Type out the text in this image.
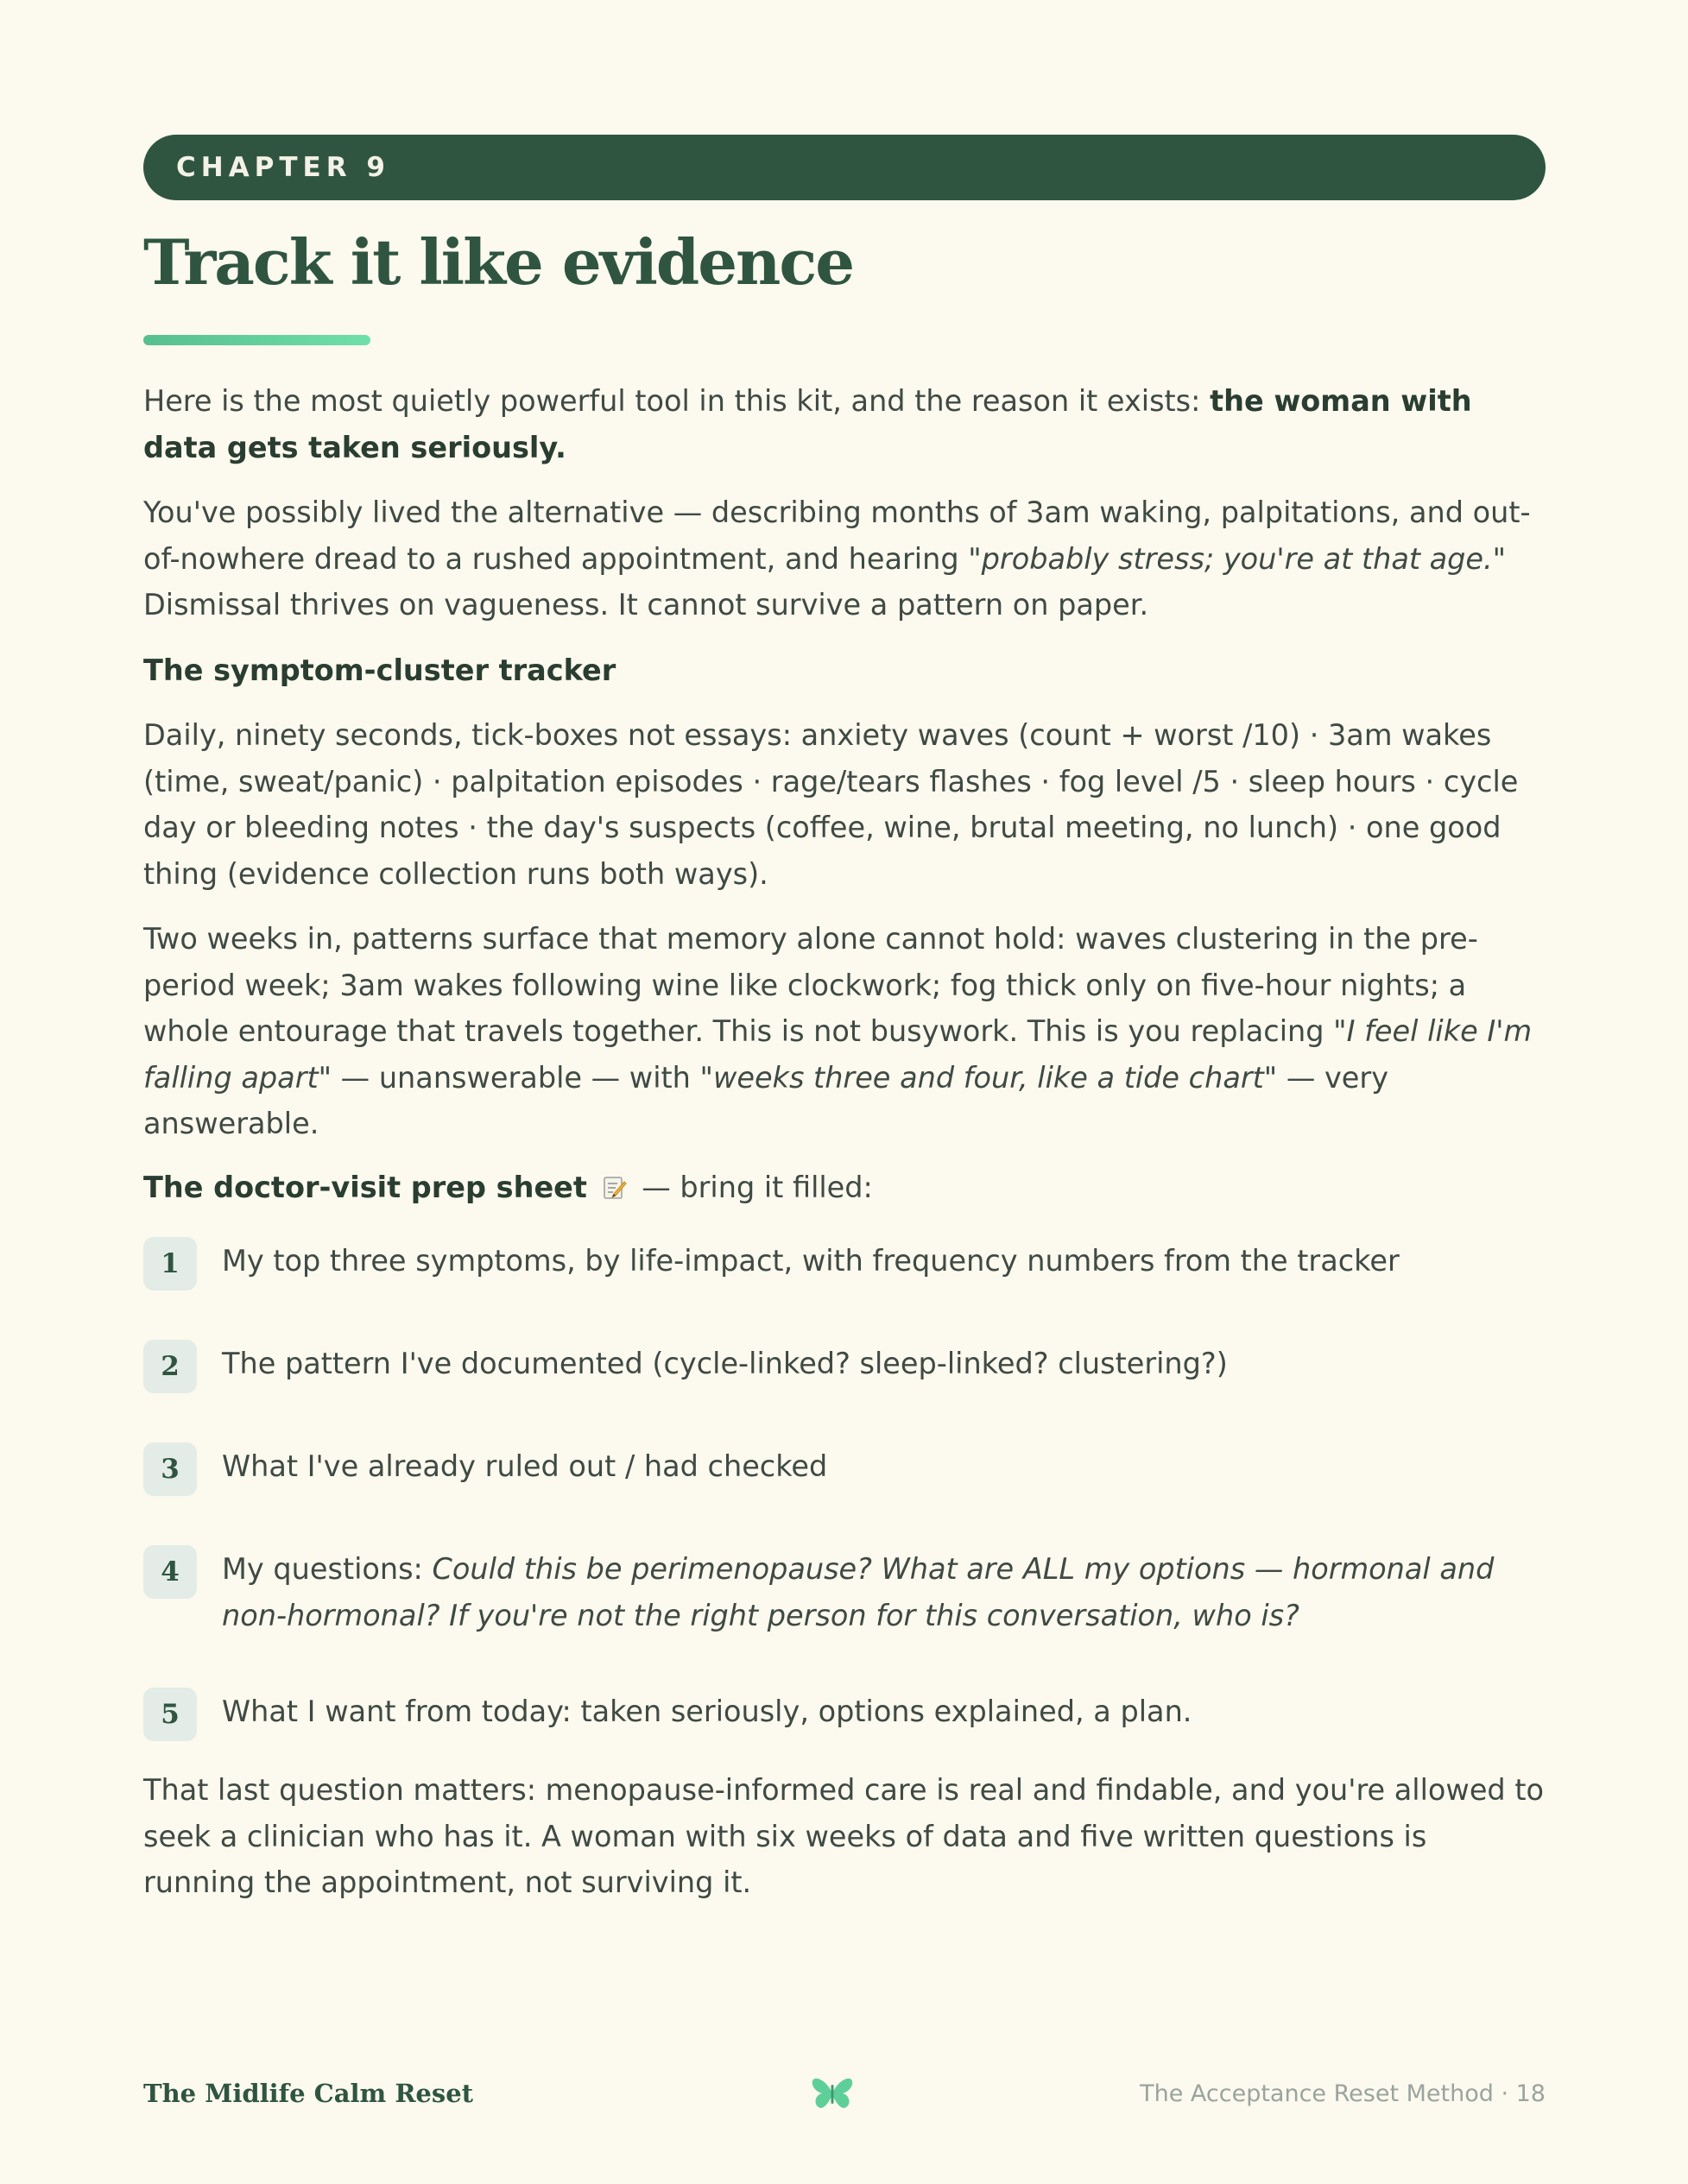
CHAPTER 9
Track it like evidence

Here is the most quietly powerful tool in this kit, and the reason it exists: the woman with data gets taken seriously.

You've possibly lived the alternative — describing months of 3am waking, palpitations, and out-of-nowhere dread to a rushed appointment, and hearing "probably stress; you're at that age." Dismissal thrives on vagueness. It cannot survive a pattern on paper.

The symptom-cluster tracker

Daily, ninety seconds, tick-boxes not essays: anxiety waves (count + worst /10) · 3am wakes (time, sweat/panic) · palpitation episodes · rage/tears flashes · fog level /5 · sleep hours · cycle day or bleeding notes · the day's suspects (coffee, wine, brutal meeting, no lunch) · one good thing (evidence collection runs both ways).

Two weeks in, patterns surface that memory alone cannot hold: waves clustering in the pre-period week; 3am wakes following wine like clockwork; fog thick only on five-hour nights; a whole entourage that travels together. This is not busywork. This is you replacing "I feel like I'm falling apart" — unanswerable — with "weeks three and four, like a tide chart" — very answerable.

The doctor-visit prep sheet  — bring it filled:
1	My top three symptoms, by life-impact, with frequency numbers from the tracker
2	The pattern I've documented (cycle-linked? sleep-linked? clustering?)
3	What I've already ruled out / had checked
4	My questions: Could this be perimenopause? What are ALL my options — hormonal and non-hormonal? If you're not the right person for this conversation, who is?
5	What I want from today: taken seriously, options explained, a plan.

That last question matters: menopause-informed care is real and findable, and you're allowed to seek a clinician who has it. A woman with six weeks of data and five written questions is running the appointment, not surviving it.

The Midlife Calm Reset	The Acceptance Reset Method · 18
